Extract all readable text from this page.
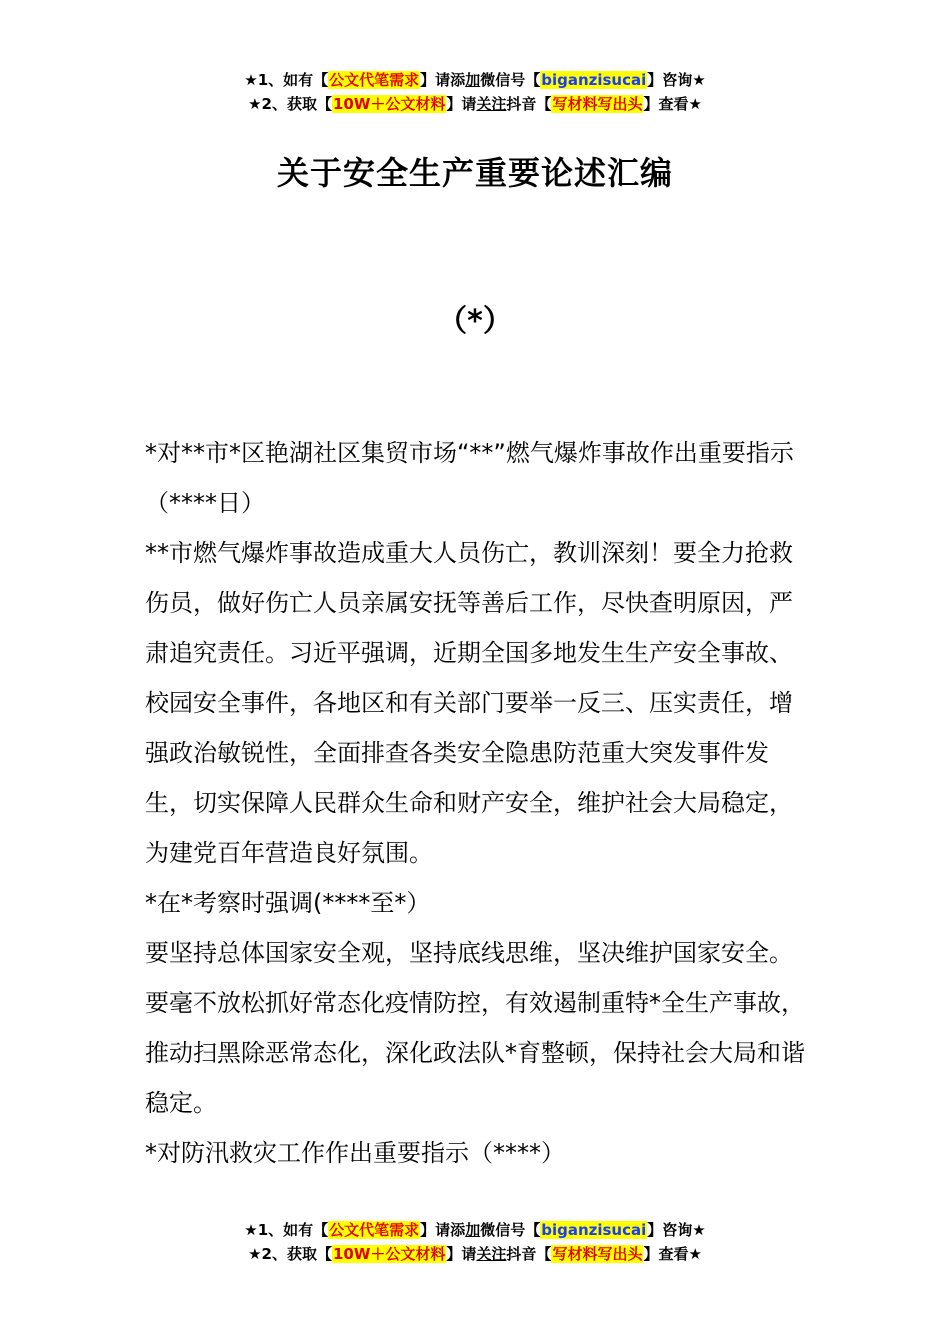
★1、如有【公文代笔需求】请添加微信号【biganzisucai】咨询★
★2、获取【10W＋公文材料】请关注抖音【写材料写出头】查看★
关于安全生产重要论述汇编
（*）

*对**市*区艳湖社区集贸市场“**”燃气爆炸事故作出重要指示（****日）

**市燃气爆炸事故造成重大人员伤亡，教训深刻！要全力抢救伤员，做好伤亡人员亲属安抚等善后工作，尽快查明原因，严肃追究责任。习近平强调，近期全国多地发生生产安全事故、校园安全事件，各地区和有关部门要举一反三、压实责任，增强政治敏锐性，全面排查各类安全隐患防范重大突发事件发生，切实保障人民群众生命和财产安全，维护社会大局稳定，为建党百年营造良好氛围。

*在*考察时强调(****至*）

要坚持总体国家安全观，坚持底线思维，坚决维护国家安全。要毫不放松抓好常态化疫情防控，有效遏制重特*全生产事故，推动扫黑除恶常态化，深化政法队*育整顿，保持社会大局和谐稳定。

*对防汛救灾工作作出重要指示（****）

★1、如有【公文代笔需求】请添加微信号【biganzisucai】咨询★
★2、获取【10W＋公文材料】请关注抖音【写材料写出头】查看★
